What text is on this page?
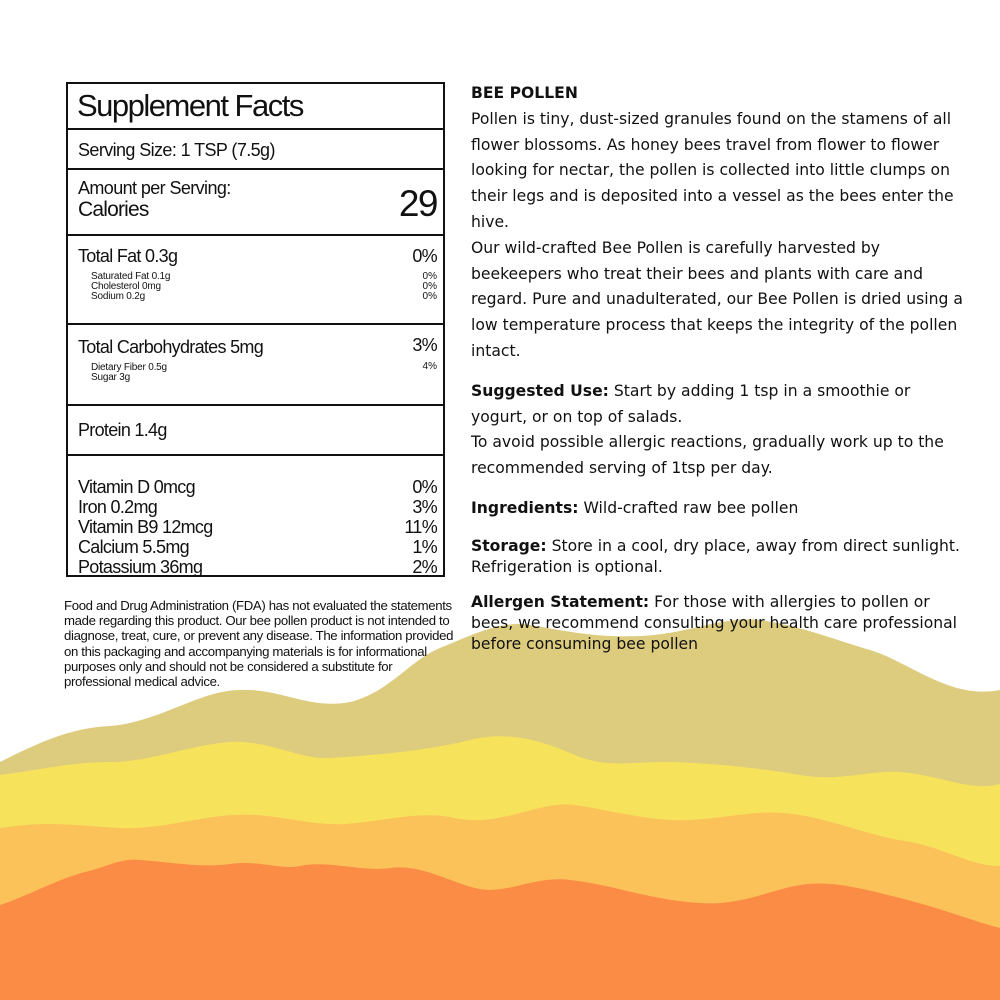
Supplement Facts
Serving Size: 1 TSP (7.5g)
Amount per Serving:
Calories	29
Total Fat 0.3g	0%
Saturated Fat 0.1g	0%
Cholesterol 0mg	0%
Sodium 0.2g	0%
Total Carbohydrates 5mg	3%
Dietary Fiber 0.5g	4%
Sugar 3g
Protein 1.4g
Vitamin D 0mcg	0%
Iron 0.2mg	3%
Vitamin B9 12mcg	11%
Calcium 5.5mg	1%
Potassium 36mg	2%

Food and Drug Administration (FDA) has not evaluated the statements made regarding this product. Our bee pollen product is not intended to diagnose, treat, cure, or prevent any disease. The information provided on this packaging and accompanying materials is for informational purposes only and should not be considered a substitute for professional medical advice.

BEE POLLEN

Pollen is tiny, dust-sized granules found on the stamens of all flower blossoms. As honey bees travel from flower to flower looking for nectar, the pollen is collected into little clumps on their legs and is deposited into a vessel as the bees enter the hive.

Our wild-crafted Bee Pollen is carefully harvested by beekeepers who treat their bees and plants with care and regard. Pure and unadulterated, our Bee Pollen is dried using a low temperature process that keeps the integrity of the pollen intact.

Suggested Use: Start by adding 1 tsp in a smoothie or yogurt, or on top of salads.

To avoid possible allergic reactions, gradually work up to the recommended serving of 1tsp per day.

Ingredients: Wild-crafted raw bee pollen

Storage: Store in a cool, dry place, away from direct sunlight. Refrigeration is optional.

Allergen Statement: For those with allergies to pollen or bees, we recommend consulting your health care professional before consuming bee pollen
